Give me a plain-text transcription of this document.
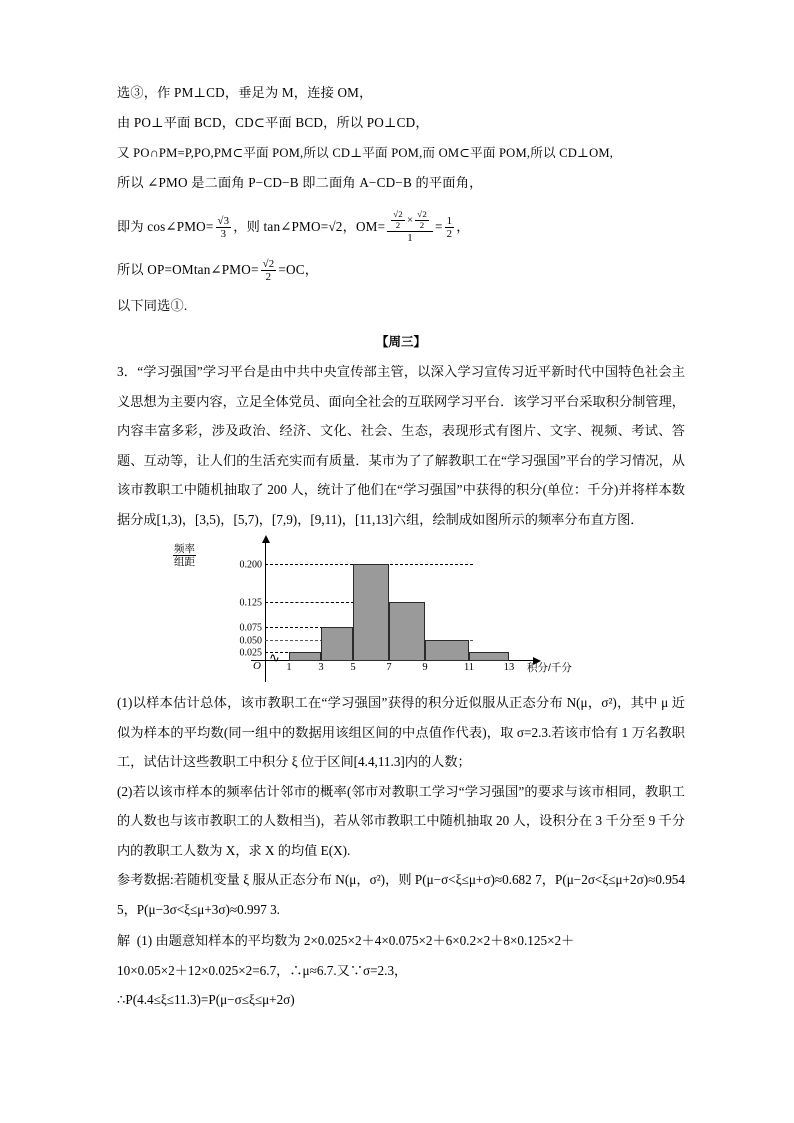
选③，作 PM⊥CD，垂足为 M，连接 OM，
由 PO⊥平面 BCD，CD⊂平面 BCD，所以 PO⊥CD，
又 PO∩PM=P,PO,PM⊂平面 POM,所以 CD⊥平面 POM,而 OM⊂平面 POM,所以 CD⊥OM,
所以 ∠PMO 是二面角 P−CD−B 即二面角 A−CD−B 的平面角，
即为 cos∠PMO= $\frac{√3}{3}$ ，则 tan∠PMO=√2，$OM= \frac{\frac{√2}{2} \times \frac{√2}{2}}{1} = \frac{1}{2}$ ，
所以 OP=OMtan∠PMO= $\frac{√2}{2} =OC$，
以下同选①.
【周三】
3．“学习强国”学习平台是由中共中央宣传部主管，以深入学习宣传习近平新时代中国特色社会主义思想为主要内容，立足全体党员、面向全社会的互联网学习平台．该学习平台采取积分制管理，内容丰富多彩，涉及政治、经济、文化、社会、生态，表现形式有图片、文字、视频、考试、答题、互动等，让人们的生活充实而有质量．某市为了了解教职工在“学习强国”平台的学习情况，从该市教职工中随机抽取了 200 人，统计了他们在“学习强国”中获得的积分(单位：千分)并将样本数据分成[1,3)，[3,5)，[5,7)，[7,9)，[9,11)，[11,13]六组，绘制成如图所示的频率分布直方图．
频率
组距
O
∿
0.200
0.125
0.075
0.050
0.025
1	3	5	7	9	11	13 积分/千分
(1)以样本估计总体，该市教职工在“学习强国”获得的积分近似服从正态分布 N(μ，σ²)，其中 μ 近似为样本的平均数(同一组中的数据用该组区间的中点值作代表)，取 σ=2.3.若该市恰有 1 万名教职工，试估计这些教职工中积分 ξ 位于区间[4.4,11.3]内的人数；
(2)若以该市样本的频率估计邻市的概率(邻市对教职工学习“学习强国”的要求与该市相同，教职工的人数也与该市教职工的人数相当)，若从邻市教职工中随机抽取 20 人，设积分在 3 千分至 9 千分内的教职工人数为 X，求 X 的均值 E(X).
参考数据:若随机变量 ξ 服从正态分布 N(μ，σ²)，则 P(μ−σ<ξ≤μ+σ)≈0.682 7，P(μ−2σ<ξ≤μ+2σ)≈0.954 5，P(μ−3σ<ξ≤μ+3σ)≈0.997 3.
解 (1) 由题意知样本的平均数为 2×0.025×2＋4×0.075×2＋6×0.2×2＋8×0.125×2＋
10×0.05×2＋12×0.025×2=6.7，∴μ≈6.7.又∵σ=2.3，
∴P(4.4≤ξ≤11.3)=P(μ−σ≤ξ≤μ+2σ)
